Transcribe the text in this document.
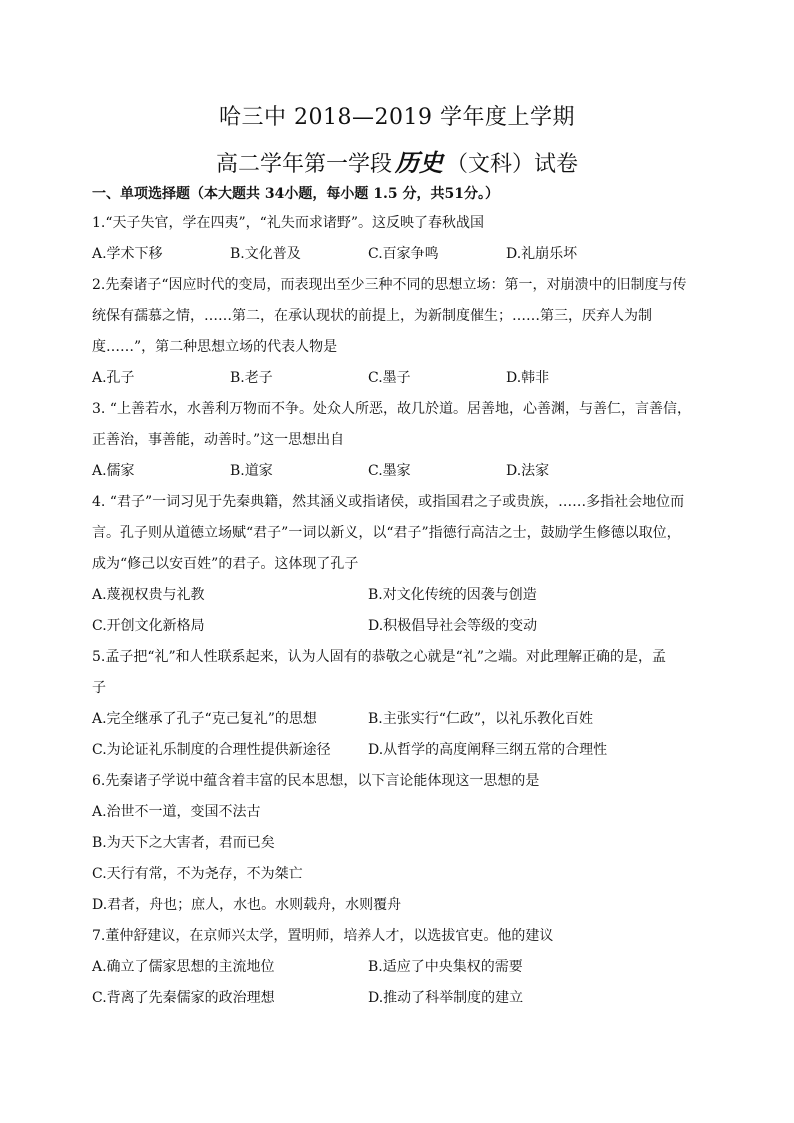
哈三中 2018—2019 学年度上学期
高二学年第一学段 历史 （文科）试卷
一、单项选择题（本大题共 34小题，每小题 1.5 分，共51分。）
1.“天子失官，学在四夷”，“礼失而求诸野”。这反映了春秋战国
A.学术下移	B.文化普及	C.百家争鸣	D.礼崩乐坏
2.先秦诸子“因应时代的变局，而表现出至少三种不同的思想立场：第一，对崩溃中的旧制度与传
统保有孺慕之情，……第二，在承认现状的前提上，为新制度催生；……第三，厌弃人为制
度……”，第二种思想立场的代表人物是
A.孔子	B.老子	C.墨子	D.韩非
3. “上善若水，水善利万物而不争。处众人所恶，故几於道。居善地，心善渊，与善仁，言善信，
正善治，事善能，动善时。”这一思想出自
A.儒家	B.道家	C.墨家	D.法家
4. “君子”一词习见于先秦典籍，然其涵义或指诸侯，或指国君之子或贵族，……多指社会地位而
言。孔子则从道德立场赋“君子”一词以新义，以“君子”指德行高洁之士，鼓励学生修德以取位，
成为“修己以安百姓”的君子。这体现了孔子
A.蔑视权贵与礼教	B.对文化传统的因袭与创造
C.开创文化新格局	D.积极倡导社会等级的变动
5.孟子把“礼”和人性联系起来，认为人固有的恭敬之心就是“礼”之端。对此理解正确的是，孟
子
A.完全继承了孔子“克己复礼”的思想	B.主张实行“仁政”，以礼乐教化百姓
C.为论证礼乐制度的合理性提供新途径	D.从哲学的高度阐释三纲五常的合理性
6.先秦诸子学说中蕴含着丰富的民本思想，以下言论能体现这一思想的是
A.治世不一道，变国不法古
B.为天下之大害者，君而已矣
C.天行有常，不为尧存，不为桀亡
D.君者，舟也；庶人，水也。水则载舟，水则覆舟
7.董仲舒建议，在京师兴太学，置明师，培养人才，以选拔官吏。他的建议
A.确立了儒家思想的主流地位	B.适应了中央集权的需要
C.背离了先秦儒家的政治理想	D.推动了科举制度的建立
